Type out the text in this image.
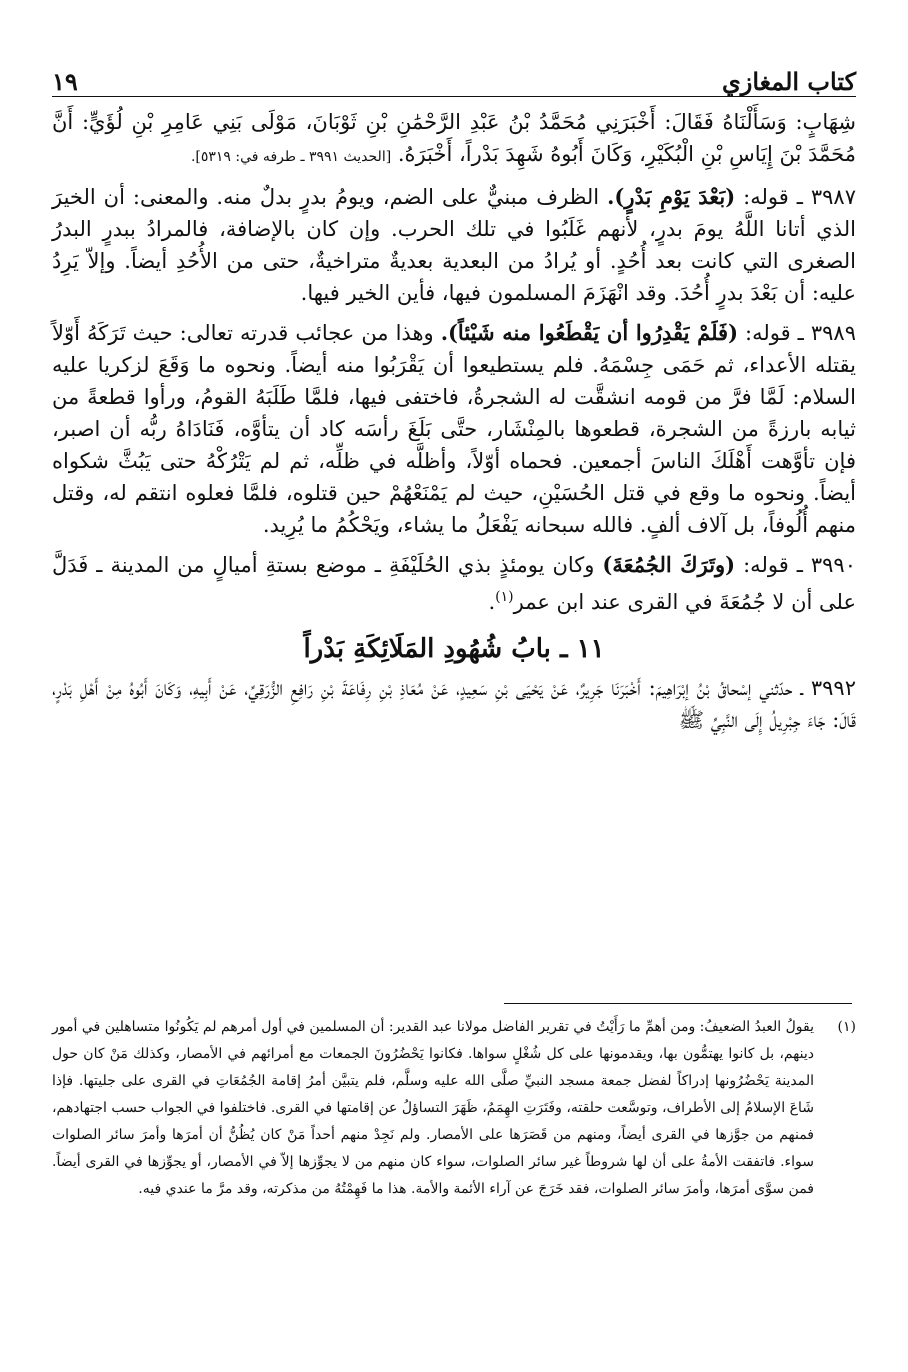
كتاب المغازي
١٩

شِهَابٍ: وَسَأَلْنَاهُ فَقَالَ: أَخْبَرَنِي مُحَمَّدُ بْنُ عَبْدِ الرَّحْمَٰنِ بْنِ ثَوْبَانَ، مَوْلَى بَنِي عَامِرِ بْنِ لُؤَيٍّ: أَنَّ مُحَمَّدَ بْنَ إِيَاسِ بْنِ الْبُكَيْرِ، وَكَانَ أَبُوهُ شَهِدَ بَدْراً، أَخْبَرَهُ. [الحديث ٣٩٩١ ـ طرفه في: ٥٣١٩].

٣٩٨٧ ـ قوله: (بَعْدَ يَوْمِ بَدْرٍ). الظرف مبنيٌّ على الضم، ويومُ بدرٍ بدلٌ منه. والمعنى: أن الخيرَ الذي أتانا اللَّهُ يومَ بدرٍ، لأنهم غَلَبُوا في تلك الحرب. وإن كان بالإضافة، فالمرادُ ببدرٍ البدرُ الصغرى التي كانت بعد أُحُدٍ. أو يُرادُ من البعدية بعديةٌ متراخيةٌ، حتى من الأُحُدِ أيضاً. وإلاّ يَرِدُ عليه: أن بَعْدَ بدرٍ أُحُدَ. وقد انْهَزَمَ المسلمون فيها، فأين الخير فيها.

٣٩٨٩ ـ قوله: (فَلَمْ يَقْدِرُوا أن يَقْطَعُوا منه شَيْئاً). وهذا من عجائب قدرته تعالى: حيث تَرَكَهُ أَوّلاً يقتله الأعداء، ثم حَمَى جِسْمَهُ. فلم يستطيعوا أن يَقْرَبُوا منه أيضاً. ونحوه ما وَقَعَ لزكريا عليه السلام: لَمَّا فرَّ من قومه انشقَّت له الشجرةُ، فاختفى فيها، فلمَّا طَلَبَهُ القومُ، ورأوا قطعةً من ثيابه بارزةً من الشجرة، قطعوها بالمِنْشَار، حتَّى بَلَغَ رأسَه كاد أن يتأوَّه، فَنَادَاهُ ربُّه أن اصبر، فإن تأوَّهت أَهْلَكَ الناسَ أجمعين. فحماه أوّلاً، وأظلَّه في ظلِّه، ثم لم يَتْرُكْهُ حتى يَبُثَّ شكواه أيضاً. ونحوه ما وقع في قتل الحُسَيْنِ، حيث لم يَمْنَعْهُمْ حين قتلوه، فلمَّا فعلوه انتقم له، وقتل منهم أُلُوفاً، بل آلاف ألفٍ. فالله سبحانه يَفْعَلُ ما يشاء، ويَحْكُمُ ما يُرِيد.

٣٩٩٠ ـ قوله: (وتَرَكَ الجُمُعَةَ) وكان يومئذٍ بذي الحُلَيْفَةِ ـ موضع بستةِ أميالٍ من المدينة ـ فَدَلَّ على أن لا جُمُعَةَ في القرى عند ابن عمر$^{(١)}$.

١١ ـ بابُ شُهُودِ المَلَائِكَةِ بَدْراً

٣٩٩٢ ـ حدّثني إسْحاقُ بْنُ إبْرَاهِيمَ: أَخْبَرَنَا جَرِيرٌ، عَنْ يَحْيَى بْنِ سَعِيدٍ، عَنْ مُعَاذِ بْنِ رِفَاعَةَ بْنِ رَافِعِ الزُّرَقِيِّ، عَنْ أَبِيهِ، وَكَانَ أَبُوهُ مِنْ أَهْلِ بَدْرٍ، قَالَ: جَاءَ جِبْرِيلُ إِلَى النَّبِيِّ ﷺ

(١)
يقولُ العبدُ الضعيفُ: ومن أهمِّ ما رَأَيْتُ في تقرير الفاضل مولانا عبد القدير: أن المسلمين في أول أمرهم لم يَكُونُوا متساهلين في أمور دينهم، بل كانوا يهتمُّون بها، ويقدمونها على كل شُغْلٍ سواها. فكانوا يَحْضُرُونَ الجمعات مع أمرائهم في الأمصار، وكذلك مَنْ كان حول المدينة يَحْضُرُونها إدراكاً لفضل جمعة مسجد النبيِّ صلَّى الله عليه وسلَّم، فلم يتبيَّن أمرُ إقامة الجُمُعَاتِ في القرى على جليتها. فإذا شَاعَ الإسلامُ إلى الأطراف، وتوسَّعت حلقته، وفَتَرَتِ الهِمَمُ، ظَهَرَ التساؤلُ عن إقامتها في القرى. فاختلفوا في الجواب حسب اجتهادهم، فمنهم من جوَّزها في القرى أيضاً، ومنهم من قَصَرَها على الأمصار. ولم نَجِدْ منهم أحداً مَنْ كان يُظُنُّ أن أمرَها وأمرَ سائر الصلوات سواء. فاتفقت الأمةُ على أن لها شروطاً غير سائر الصلوات، سواء كان منهم من لا يجوِّزها إلاّ في الأمصار، أو يجوِّزها في القرى أيضاً. فمن سوَّى أمرَها، وأمرَ سائر الصلوات، فقد خَرَجَ عن آراء الأئمة والأمة. هذا ما فَهِمْتُهُ من مذكرته، وقد مرَّ ما عندي فيه.
